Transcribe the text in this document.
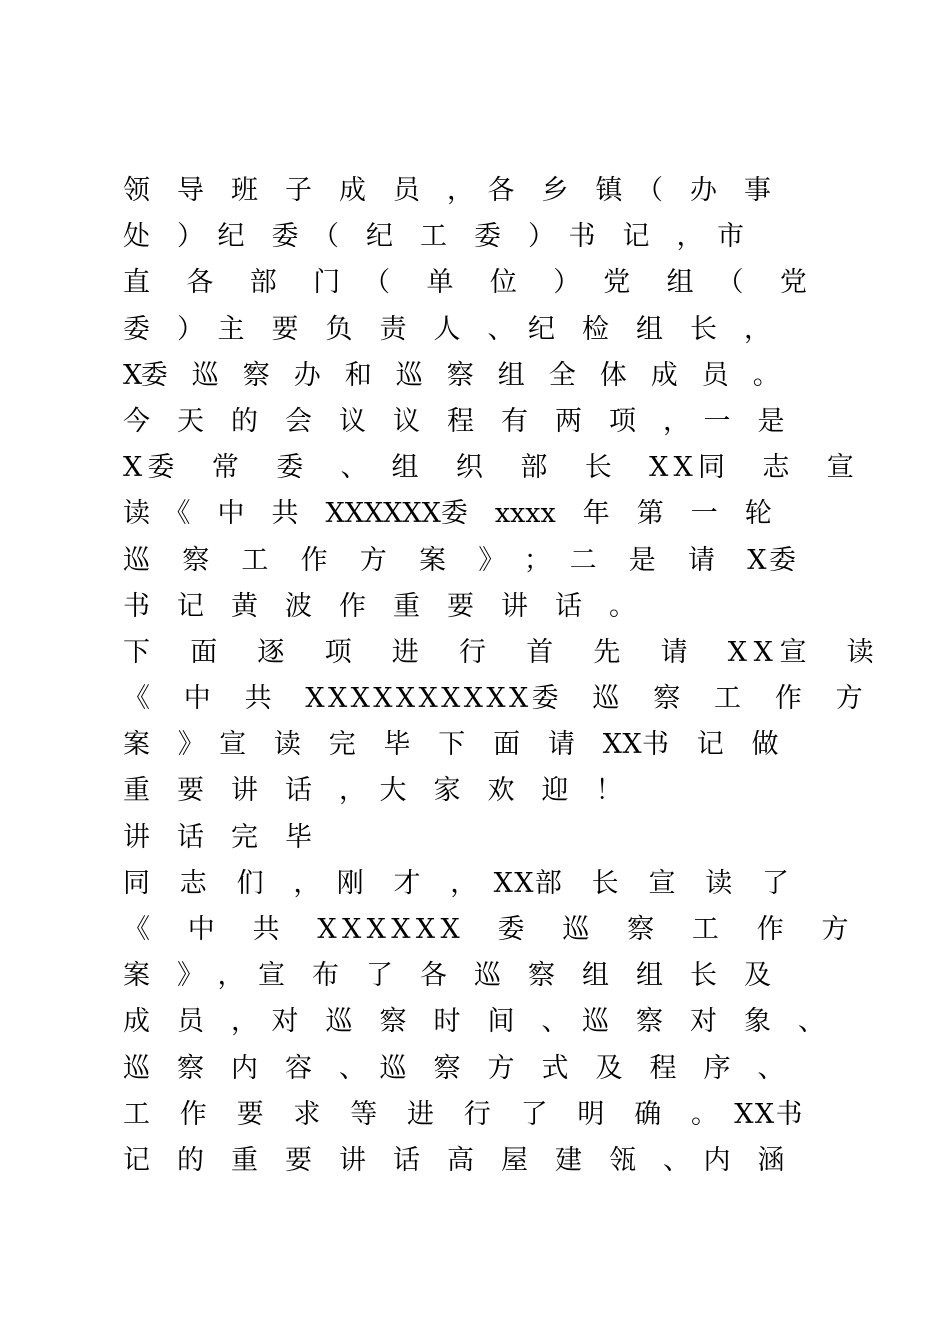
领　导　班　子　成　员　，　各　乡　镇　（　办　事
处　）　纪　委　（　纪　工　委　）　书　记　，　市
直　各　部　门　（　单　位　）　党　组　（　党
委　）　主　要　负　责　人　、　纪　检　组　长　，
X委　巡　察　办　和　巡　察　组　全　体　成　员　。
今　天　的　会　议　议　程　有　两　项　，　一　是
X委　常　委　、　组　织　部　长　XX同　志　宣
读　《　中　共　XXXXXX委　xxxx　年　第　一　轮
巡　察　工　作　方　案　》　；　二　是　请　X委
书　记　黄　波　作　重　要　讲　话　。
下　面　逐　项　进　行　首　先　请　XX宣　读
《　中　共　XXXXXXXXXX委　巡　察　工　作　方
案　》　宣　读　完　毕　下　面　请　XX书　记　做
重　要　讲　话　，　大　家　欢　迎　！
讲　话　完　毕
同　志　们　，　刚　才　，　XX部　长　宣　读　了
《　中　共　XXXXXX　委　巡　察　工　作　方
案　》　，　宣　布　了　各　巡　察　组　组　长　及
成　员　，　对　巡　察　时　间　、　巡　察　对　象　、
巡　察　内　容　、　巡　察　方　式　及　程　序　、
工　作　要　求　等　进　行　了　明　确　。　XX书
记　的　重　要　讲　话　高　屋　建　瓴　、　内　涵
